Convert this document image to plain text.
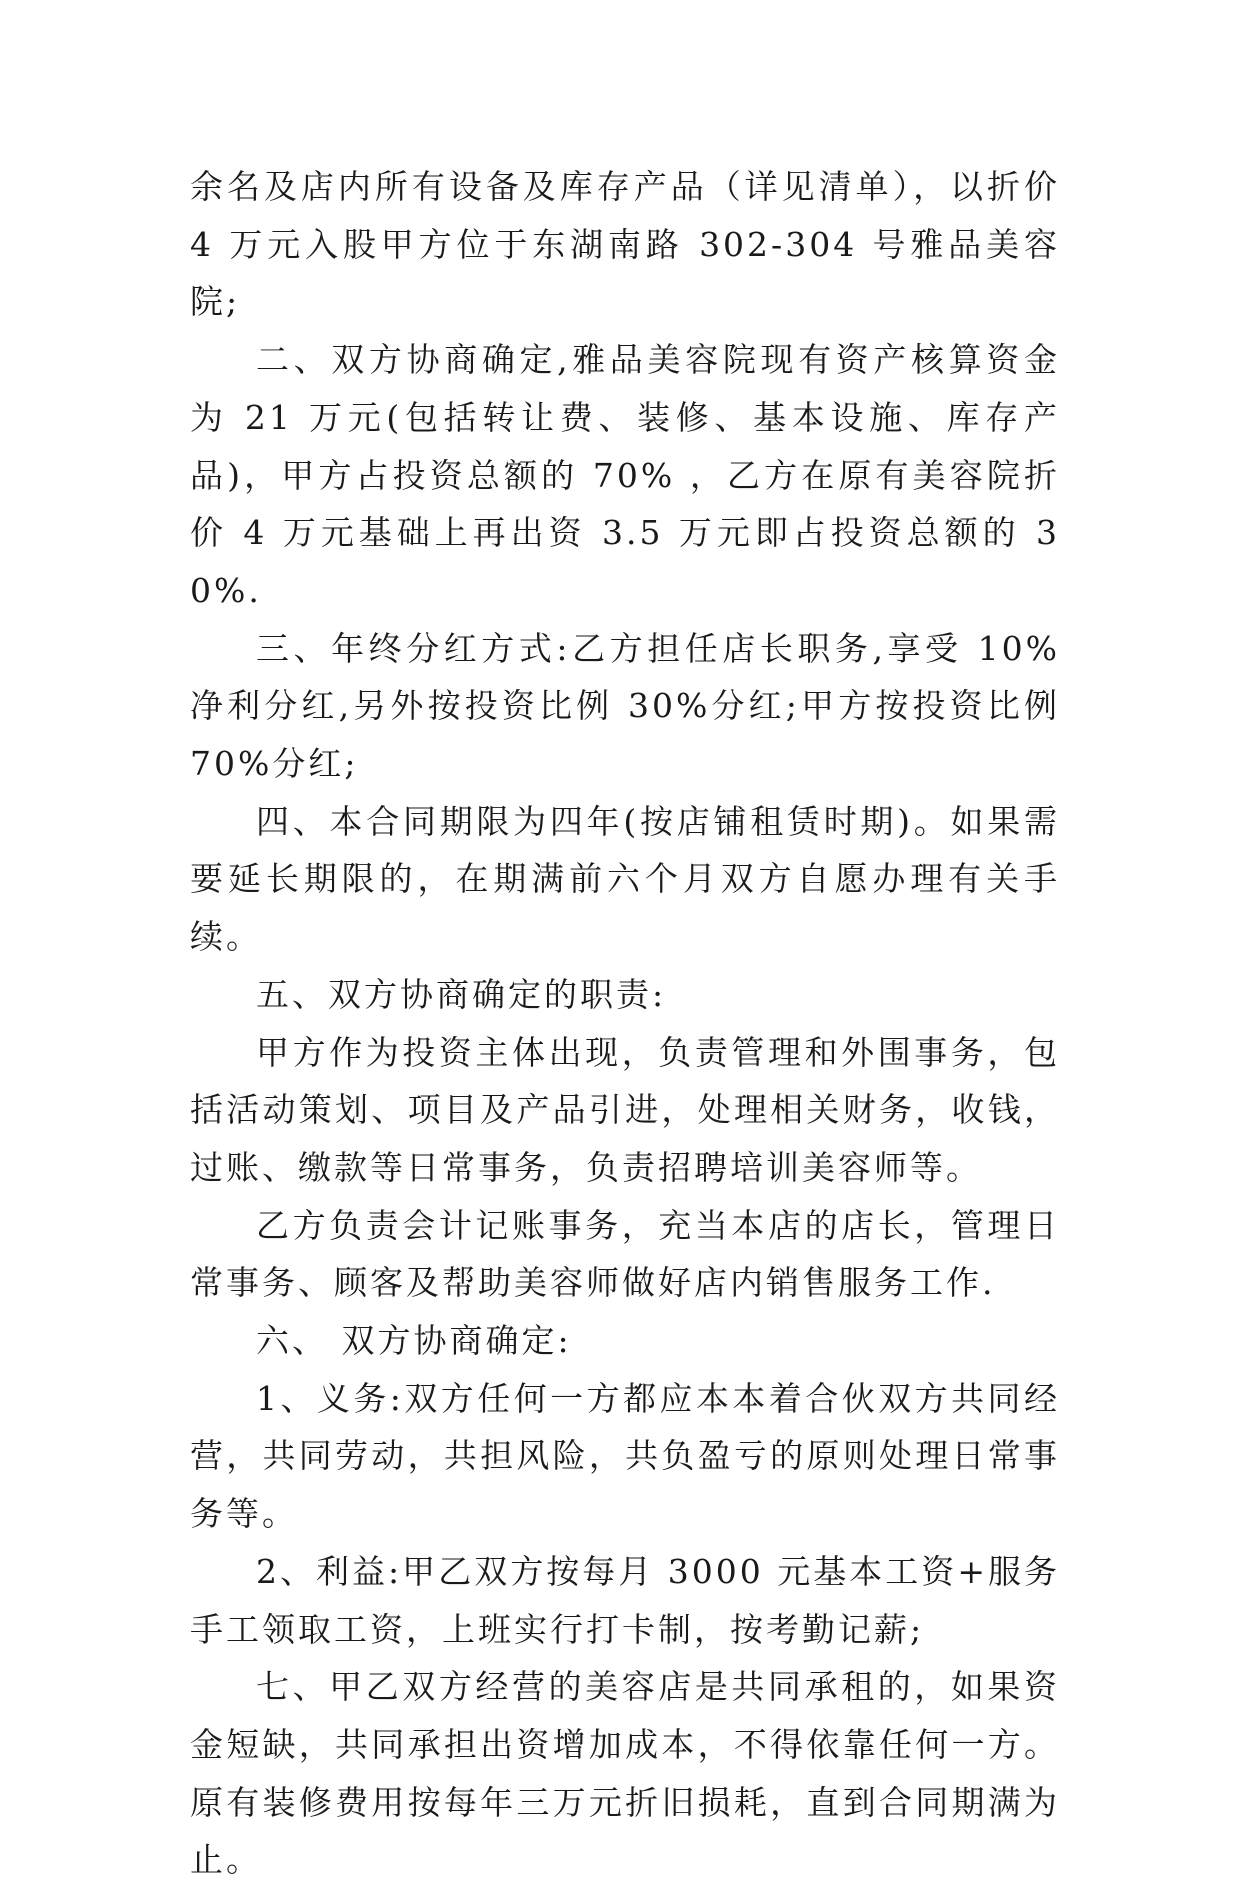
余名及店内所有设备及库存产品（详见清单），以折价 4 万元入股甲方位于东湖南路 302-304 号雅品美容院;

二、双方协商确定,雅品美容院现有资产核算资金为 21 万元(包括转让费、装修、基本设施、库存产品)，甲方占投资总额的 70% ，乙方在原有美容院折价 4 万元基础上再出资 3.5 万元即占投资总额的 30%.

三、年终分红方式:乙方担任店长职务,享受 10%净利分红,另外按投资比例 30%分红;甲方按投资比例 70%分红;

四、本合同期限为四年(按店铺租赁时期)。如果需要延长期限的，在期满前六个月双方自愿办理有关手续。

五、双方协商确定的职责:

甲方作为投资主体出现，负责管理和外围事务，包括活动策划、项目及产品引进，处理相关财务，收钱，过账、缴款等日常事务，负责招聘培训美容师等。

乙方负责会计记账事务，充当本店的店长，管理日常事务、顾客及帮助美容师做好店内销售服务工作.

六、 双方协商确定:

1、义务:双方任何一方都应本本着合伙双方共同经营，共同劳动，共担风险，共负盈亏的原则处理日常事务等。

2、利益:甲乙双方按每月 3000 元基本工资+服务手工领取工资，上班实行打卡制，按考勤记薪;

七、甲乙双方经营的美容店是共同承租的，如果资金短缺，共同承担出资增加成本，不得依靠任何一方。原有装修费用按每年三万元折旧损耗，直到合同期满为止。
